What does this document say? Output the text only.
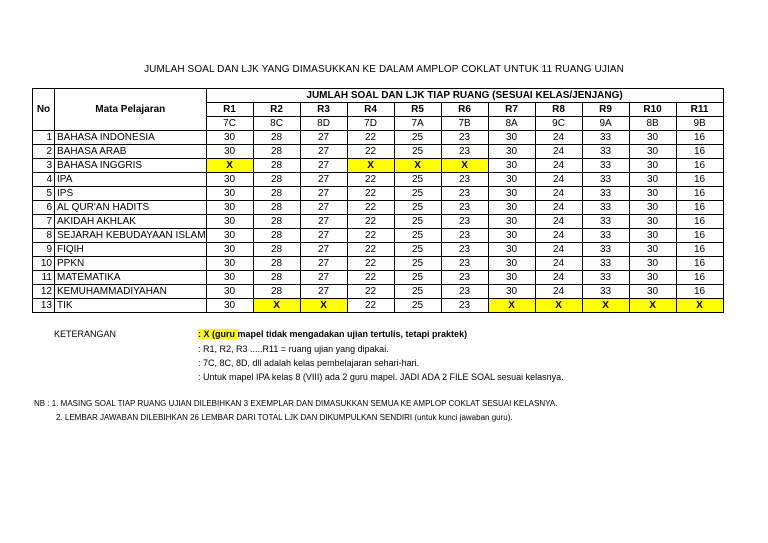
JUMLAH SOAL DAN LJK YANG DIMASUKKAN KE DALAM AMPLOP COKLAT UNTUK 11 RUANG UJIAN
No	Mata Pelajaran	JUMLAH SOAL DAN LJK TIAP RUANG (SESUAI KELAS/JENJANG)										
		R1	R2	R3	R4	R5	R6	R7	R8	R9	R10	R11
		7C	8C	8D	7D	7A	7B	8A	9C	9A	8B	9B
1	BAHASA INDONESIA	30	28	27	22	25	23	30	24	33	30	16
2	BAHASA ARAB	30	28	27	22	25	23	30	24	33	30	16
3	BAHASA INGGRIS	X	28	27	X	X	X	30	24	33	30	16
4	IPA	30	28	27	22	25	23	30	24	33	30	16
5	IPS	30	28	27	22	25	23	30	24	33	30	16
6	AL QUR'AN HADITS	30	28	27	22	25	23	30	24	33	30	16
7	AKIDAH AKHLAK	30	28	27	22	25	23	30	24	33	30	16
8	SEJARAH KEBUDAYAAN ISLAM	30	28	27	22	25	23	30	24	33	30	16
9	FIQIH	30	28	27	22	25	23	30	24	33	30	16
10	PPKN	30	28	27	22	25	23	30	24	33	30	16
11	MATEMATIKA	30	28	27	22	25	23	30	24	33	30	16
12	KEMUHAMMADIYAHAN	30	28	27	22	25	23	30	24	33	30	16
13	TIK	30	X	X	22	25	23	X	X	X	X	X
KETERANGAN	: X (guru mapel tidak mengadakan ujian tertulis, tetapi praktek)
: R1, R2, R3 .....R11 = ruang ujian yang dipakai.
: 7C, 8C, 8D, dll adalah kelas pembelajaran sehari-hari.
: Untuk mapel IPA kelas 8 (VIII) ada 2 guru mapel. JADI ADA 2 FILE SOAL sesuai kelasnya.
NB : 1. MASING SOAL TIAP RUANG UJIAN DILEBIHKAN 3 EXEMPLAR DAN DIMASUKKAN SEMUA KE AMPLOP COKLAT SESUAI KELASNYA.
2. LEMBAR JAWABAN DILEBIHKAN 26 LEMBAR DARI TOTAL LJK DAN DIKUMPULKAN SENDIRI (untuk kunci jawaban guru).
